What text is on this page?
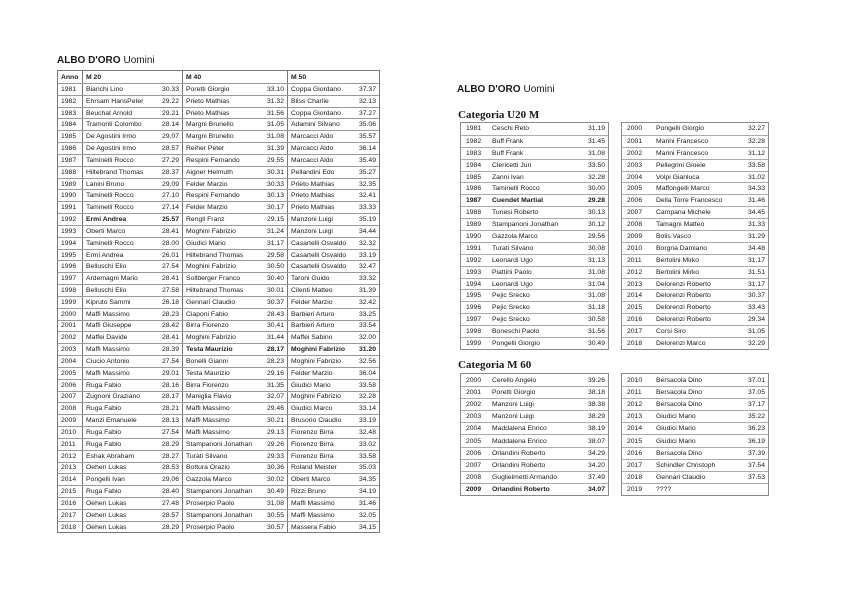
ALBO D'ORO Uomini
Anno	M 20	M 40	M 50
1981	Bianchi Lino	30.33	Poretti Giorgio	33.10	Coppa Giordano	37.37
1982	Ehrsam HansPeter	29.22	Prieto Mathias	31.32	Bliss Charlie	32.13
1983	Beuchat Arnold	29.21	Prieto Mathias	31.56	Coppa Giordano	37.27
1984	Tramonti Colombo	28.14	Margni Brunello	31.05	Adamini Silvano	35.06
1985	De Agostini Irmo	29.07	Margni Brunello	31.08	Marcacci Aldo	35.57
1986	De Agostini Irmo	28.57	Reiher Peter	31.39	Marcacci Aldo	36.14
1987	Taminelli Rocco	27.29	Respini Fernando	29.55	Marcacci Aldo	35.49
1988	Hiltebrand Thomas	28.37	Aigner Helmuth	30.31	Pellandini Edo	35.27
1989	Lanini Bruno	29.09	Felder Marzio	30.33	Prieto Mathias	32.35
1990	Taminelli Rocco	27.10	Respini Fernando	30.13	Prieto Mathias	32.41
1991	Taminelli Rocco	27.14	Felder Marzio	30.17	Prieto Mathias	33.33
1992	Ermi Andrea	25.57	Rengli Franz	29.15	Manzoni Luigi	35.19
1993	Oberti Marco	28.41	Moghini Fabrizio	31.24	Manzoni Luigi	34.44
1994	Taminelli Rocco	28.00	Giudici Mario	31.17	Casartelli Osvaldo	32.32
1995	Ermi Andrea	26.01	Hiltebrand Thomas	29.58	Casartelli Osvaldo	33.19
1996	Belluschi Elio	27.54	Moghini Fabrizio	30.50	Casartelli Osvaldo	32.47
1997	Ardemagni Mario	28.41	Sollberger Franco	30.40	Taroni Guido	33.32
1998	Belluschi Elio	27.58	Hiltebrand Thomas	30.01	Cilenti Matteo	31.39
1999	Kipruto Sammi	26.18	Gennari Claudio	30.37	Felder Marzio	32.42
2000	Maffi Massimo	28.23	Ciaponi Fabio	28.43	Barbieri Arturo	33.25
2001	Maffi Giuseppe	28.42	Birra Fiorenzo	30.41	Barbieri Arturo	33.54
2002	Maffei Davide	28.41	Moghini Fabrizio	31.44	Maffei Sabino	32.00
2003	Maffi Massimo	28.39	Testa Maurizio	28.17	Moghini Fabrizio	31.20
2004	Ciucio Antonio	27.54	Bonelli Gianni	28.23	Moghini Fabrizio	32.56
2005	Maffi Massimo	29.01	Testa Maurizio	29.16	Felder Marzio	36.04
2006	Ruga Fabio	28.16	Birra Fiorenzo	31.35	Giudici Mario	33.58
2007	Zugnoni Graziano	28.17	Maniglia Flavio	32.07	Moghini Fabrizio	32.28
2008	Ruga Fabio	28.21	Maffi Massimo	29.46	Giudici Marco	33.14
2009	Manzi Emanuele	28.13	Maffi Massimo	30.21	Brusorio Claudio	33.19
2010	Ruga Fabio	27.54	Maffi Massimo	29.13	Fiorenzo Birra	32.48
2011	Ruga Fabio	28.29	Stampanoni Jonathan	29.26	Fiorenzo Birra	33.02
2012	Eshak Abraham	28.27	Turati Silvano	29.33	Fiorenzo Birra	33.58
2013	Oehen Lukas	28.53	Bottura Orazio	30.36	Roland Meister	35.03
2014	Pongelli Ivan	29.06	Gazzola Marco	30.02	Oberti Marco	34.35
2015	Ruga Fabio	28.40	Stampanoni Jonathan	30.49	Rizzi Bruno	34.19
2016	Oehen Lukas	27.48	Proserpio Paolo	31.08	Maffi Massimo	31.46
2017	Oehen Lukas	28.57	Stampanoni Jonathan	30.55	Maffi Massimo	32.05
2018	Oehen Lukas	28.29	Proserpio Paolo	30.57	Massera Fabio	34.15
ALBO D'ORO Uomini
Categoria U20 M
1981	Ceschi Reto	31.19
1982	Buff Frank	31.45
1983	Buff Frank	31.08
1984	Clericetti Juri	33.50
1985	Zanni Ivan	32.28
1986	Taminelli Rocco	30.00
1987	Cuendet Martial	29.28
1988	Tunesi Roberto	30.13
1989	Stampanoni Jonathan	30.12
1990	Gazzola Marco	29.56
1991	Turati Silvano	30.08
1992	Leonardi Ugo	31.13
1993	Piattini Paolo	31.08
1994	Leonardi Ugo	31.04
1995	Pejic Srecko	31.08
1996	Pejic Srecko	31.18
1997	Pejic Srecko	30.58
1998	Boneschi Paolo	31.56
1999	Pongelli Giorgio	30.49
2000	Pongelli Giorgio	32.27
2001	Marini Francesco	32.28
2002	Marini Francesco	31.12
2003	Pellegrini Gioele	33.58
2004	Volpi Gianluca	31.02
2005	Maffongelli Marco	34.33
2006	Della Torre Francesco	31.46
2007	Campana Michele	34.45
2008	Tamagni Matteo	31.33
2009	Bolis Vasco	31.29
2010	Borgna Damiano	34.48
2011	Bertolini Mirko	31.17
2012	Bertolini Mirko	31.51
2013	Delorenzi Roberto	31.17
2014	Delorenzi Roberto	30.37
2015	Delorenzi Roberto	33.43
2016	Delorenzi Roberto	29.34
2017	Corsi Siro	31.05
2018	Delorenzi Marco	32.29
Categoria M 60
2000	Cerello Angelo	39.26
2001	Poretti Giorgio	38.18
2002	Manzoni Luigi	38.38
2003	Manzoni Luigi	38.29
2004	Maddalena Enrico	38.19
2005	Maddalena Enrico	38.07
2006	Orlandini Roberto	34.29
2007	Orlandini Roberto	34.20
2008	Guglielmetti Armando	37.49
2009	Orlandini Roberto	34.07
2010	Bersacola Dino	37.01
2011	Bersacola Dino	37.05
2012	Bersacola Dino	37.17
2013	Giudici Mario	35.22
2014	Giudici Mario	36.23
2015	Giudici Mario	36.19
2016	Bersacola Dino	37.39
2017	Schindler Christoph	37.54
2018	Gennari Claudio	37.53
2019	????
